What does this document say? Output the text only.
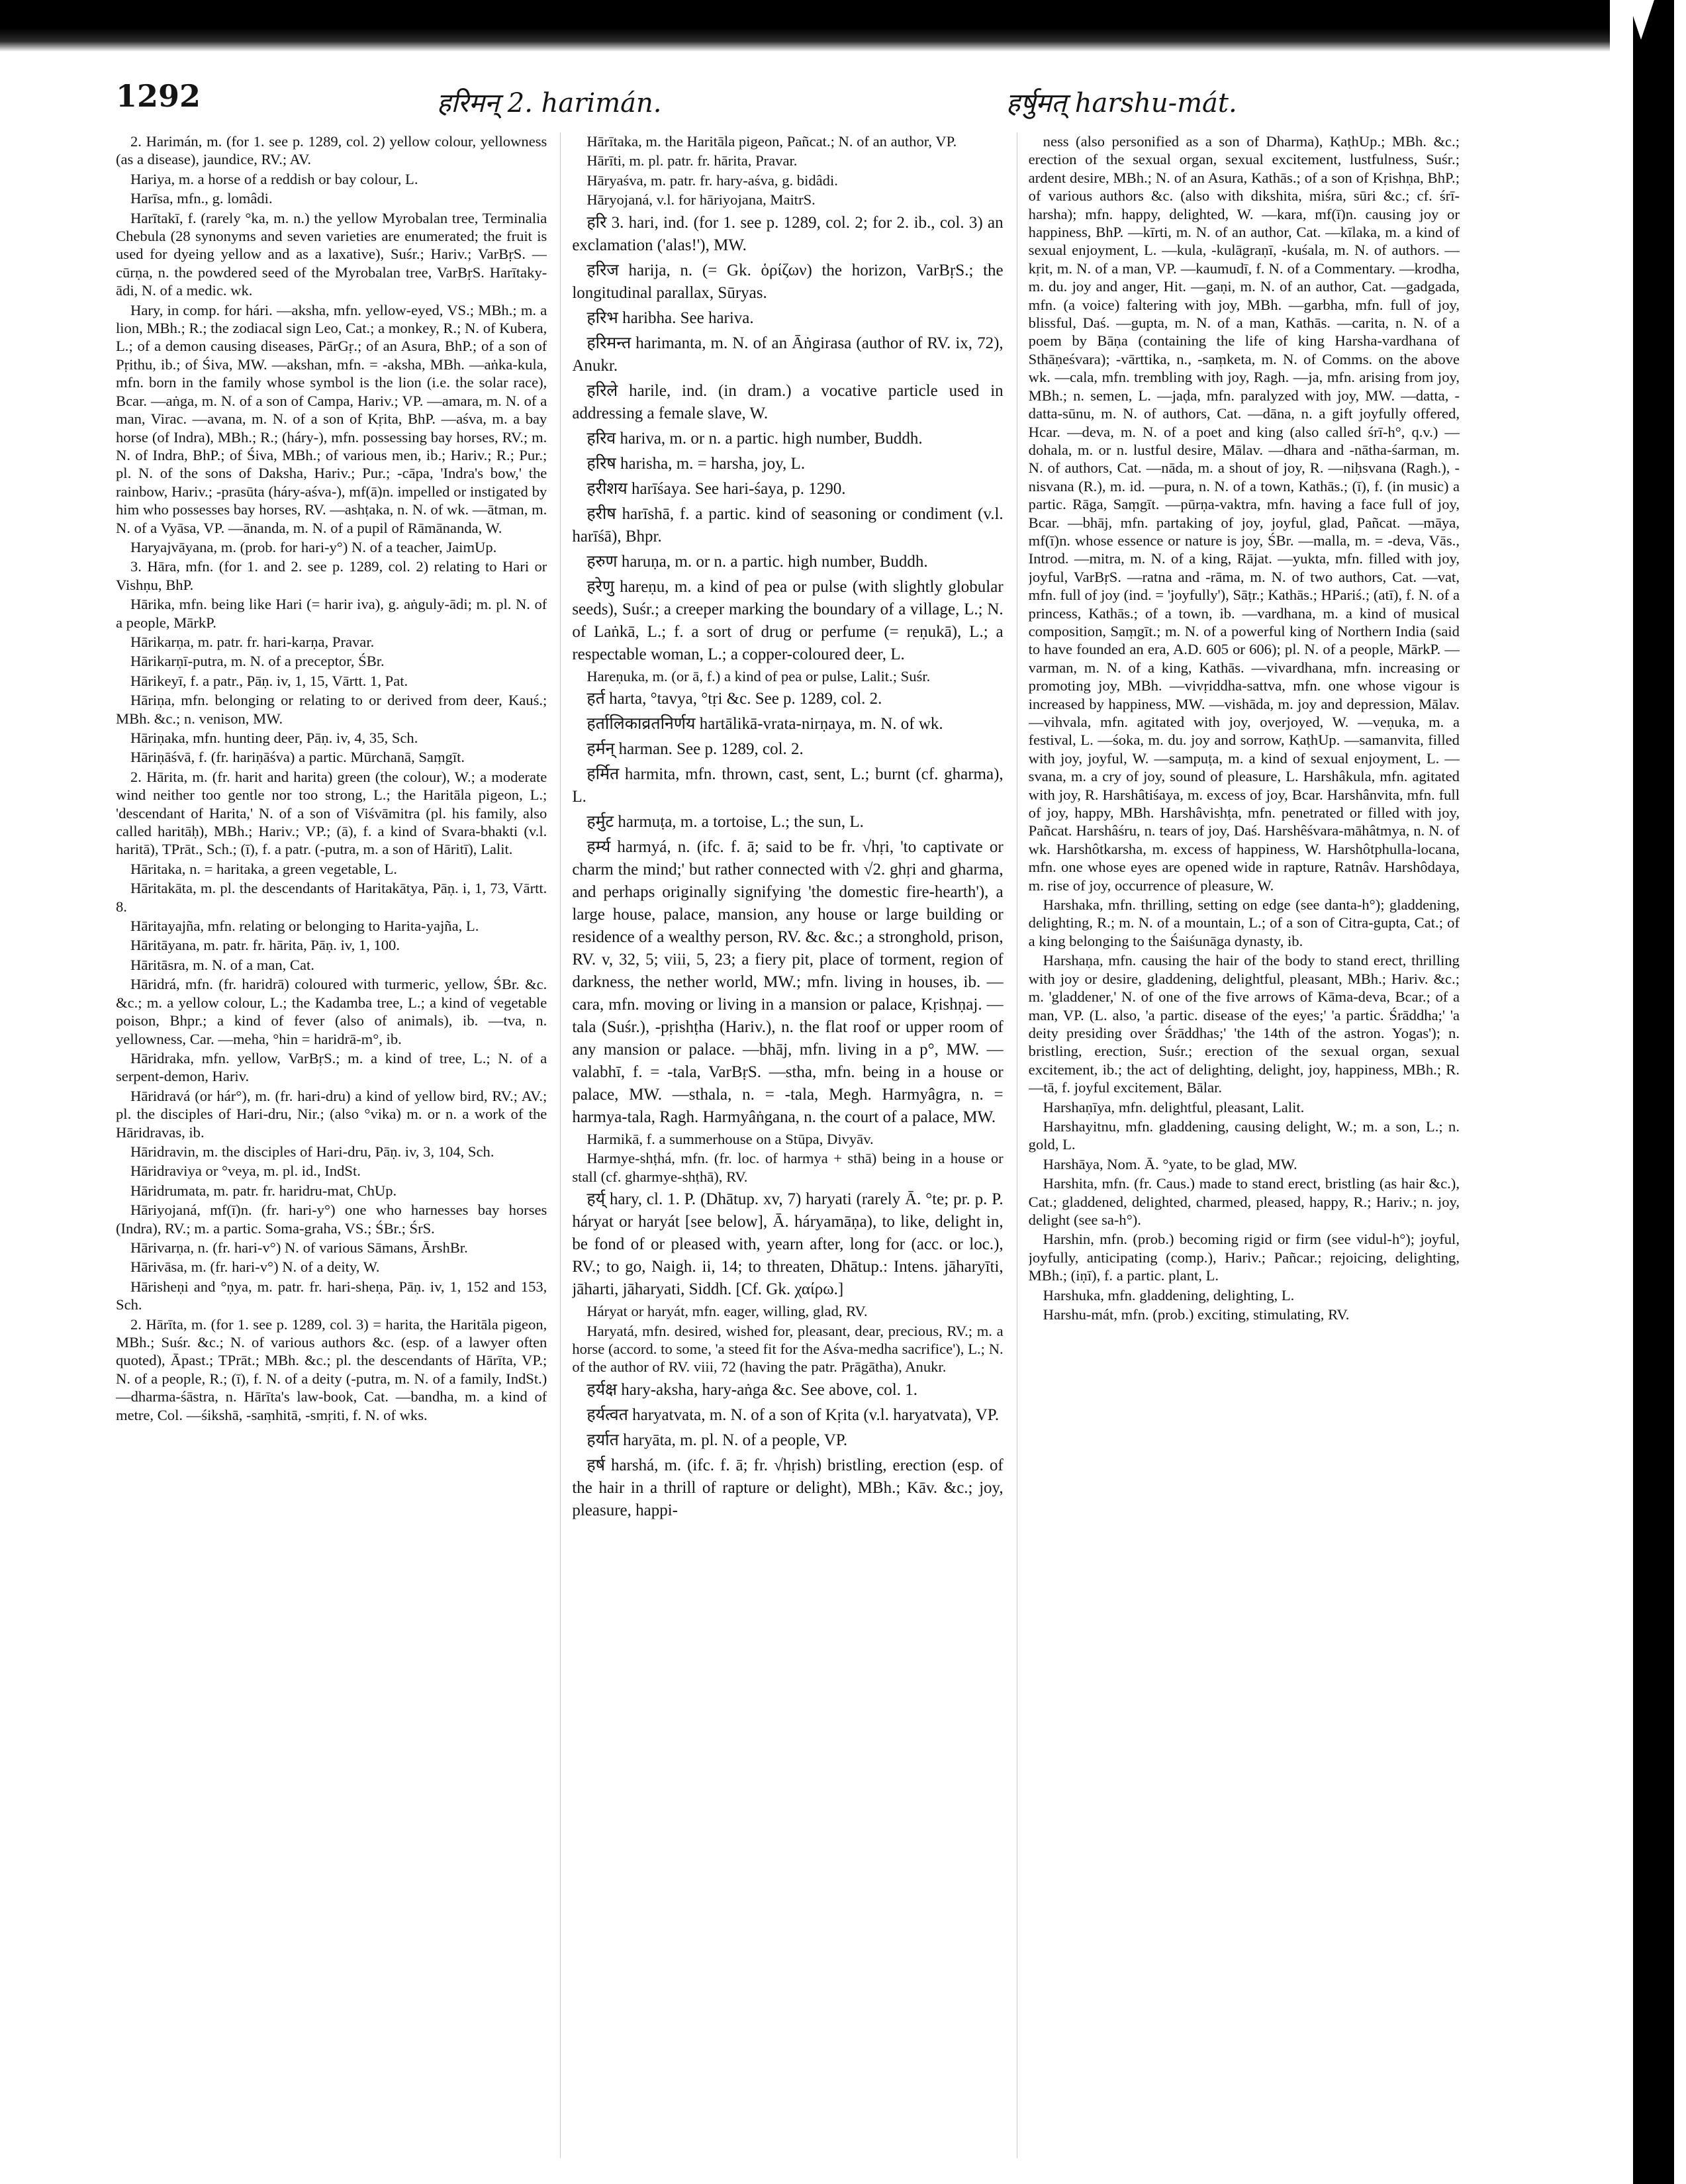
1292	हरिमन् 2. harimán.	हर्षुमत् harshu-mát.

2. Harimán, m. (for 1. see p. 1289, col. 2) yellow colour, yellowness (as a disease), jaundice, RV.; AV.

Hariya, m. a horse of a reddish or bay colour, L.

Harīsa, mfn., g. lomâdi.

Harītakī, f. (rarely °ka, m. n.) the yellow Myrobalan tree, Terminalia Chebula (28 synonyms and seven varieties are enumerated; the fruit is used for dyeing yellow and as a laxative), Suśr.; Hariv.; VarBṛS. —cūrṇa, n. the powdered seed of the Myrobalan tree, VarBṛS. Harītaky-ādi, N. of a medic. wk.

Hary, in comp. for hári. —aksha, mfn. yellow-eyed, VS.; MBh.; m. a lion, MBh.; R.; the zodiacal sign Leo, Cat.; a monkey, R.; N. of Kubera, L.; of a demon causing diseases, PārGṛ.; of an Asura, BhP.; of a son of Pṛithu, ib.; of Śiva, MW. —akshan, mfn. = -aksha, MBh. —aṅka-kula, mfn. born in the family whose symbol is the lion (i.e. the solar race), Bcar. —aṅga, m. N. of a son of Campa, Hariv.; VP. —amara, m. N. of a man, Virac. —avana, m. N. of a son of Kṛita, BhP. —aśva, m. a bay horse (of Indra), MBh.; R.; (háry-), mfn. possessing bay horses, RV.; m. N. of Indra, BhP.; of Śiva, MBh.; of various men, ib.; Hariv.; R.; Pur.; pl. N. of the sons of Daksha, Hariv.; Pur.; -cāpa, 'Indra's bow,' the rainbow, Hariv.; -prasūta (háry-aśva-), mf(ā)n. impelled or instigated by him who possesses bay horses, RV. —ashṭaka, n. N. of wk. —ātman, m. N. of a Vyāsa, VP. —ānanda, m. N. of a pupil of Rāmānanda, W.

Haryajvāyana, m. (prob. for hari-y°) N. of a teacher, JaimUp.

3. Hāra, mfn. (for 1. and 2. see p. 1289, col. 2) relating to Hari or Vishṇu, BhP.

Hārika, mfn. being like Hari (= harir iva), g. aṅguly-ādi; m. pl. N. of a people, MārkP.

Hārikarṇa, m. patr. fr. hari-karṇa, Pravar.

Hārikarṇī-putra, m. N. of a preceptor, ŚBr.

Hārikeyī, f. a patr., Pāṇ. iv, 1, 15, Vārtt. 1, Pat.

Hāriṇa, mfn. belonging or relating to or derived from deer, Kauś.; MBh. &c.; n. venison, MW.

Hāriṇaka, mfn. hunting deer, Pāṇ. iv, 4, 35, Sch.

Hāriṇāśvā, f. (fr. hariṇāśva) a partic. Mūrchanā, Saṃgīt.

2. Hārita, m. (fr. harit and harita) green (the colour), W.; a moderate wind neither too gentle nor too strong, L.; the Haritāla pigeon, L.; 'descendant of Harita,' N. of a son of Viśvāmitra (pl. his family, also called haritāḥ), MBh.; Hariv.; VP.; (ā), f. a kind of Svara-bhakti (v.l. haritā), TPrāt., Sch.; (ī), f. a patr. (-putra, m. a son of Hāritī), Lalit.

Hāritaka, n. = haritaka, a green vegetable, L.

Hāritakāta, m. pl. the descendants of Haritakātya, Pāṇ. i, 1, 73, Vārtt. 8.

Hāritayajña, mfn. relating or belonging to Harita-yajña, L.

Hāritāyana, m. patr. fr. hārita, Pāṇ. iv, 1, 100.

Hāritāsra, m. N. of a man, Cat.

Hāridrá, mfn. (fr. haridrā) coloured with turmeric, yellow, ŚBr. &c. &c.; m. a yellow colour, L.; the Kadamba tree, L.; a kind of vegetable poison, Bhpr.; a kind of fever (also of animals), ib. —tva, n. yellowness, Car. —meha, °hin = haridrā-m°, ib.

Hāridraka, mfn. yellow, VarBṛS.; m. a kind of tree, L.; N. of a serpent-demon, Hariv.

Hāridravá (or hár°), m. (fr. hari-dru) a kind of yellow bird, RV.; AV.; pl. the disciples of Hari-dru, Nir.; (also °vika) m. or n. a work of the Hāridravas, ib.

Hāridravin, m. the disciples of Hari-dru, Pāṇ. iv, 3, 104, Sch.

Hāridraviya or °veya, m. pl. id., IndSt.

Hāridrumata, m. patr. fr. haridru-mat, ChUp.

Hāriyojaná, mf(ī)n. (fr. hari-y°) one who harnesses bay horses (Indra), RV.; m. a partic. Soma-graha, VS.; ŚBr.; ŚrS.

Hārivarṇa, n. (fr. hari-v°) N. of various Sāmans, ĀrshBr.

Hārivāsa, m. (fr. hari-v°) N. of a deity, W.

Hārisheṇi and °ṇya, m. patr. fr. hari-sheṇa, Pāṇ. iv, 1, 152 and 153, Sch.

2. Hārīta, m. (for 1. see p. 1289, col. 3) = harita, the Haritāla pigeon, MBh.; Suśr. &c.; N. of various authors &c. (esp. of a lawyer often quoted), Āpast.; TPrāt.; MBh. &c.; pl. the descendants of Hārīta, VP.; N. of a people, R.; (ī), f. N. of a deity (-putra, m. N. of a family, IndSt.) —dharma-śāstra, n. Hārīta's law-book, Cat. —bandha, m. a kind of metre, Col. —śikshā, -saṃhitā, -smṛiti, f. N. of wks.

Hārītaka, m. the Haritāla pigeon, Pañcat.; N. of an author, VP.

Hārīti, m. pl. patr. fr. hārita, Pravar.

Hāryaśva, m. patr. fr. hary-aśva, g. bidâdi.

Hāryojaná, v.l. for hāriyojana, MaitrS.

हरि 3. hari, ind. (for 1. see p. 1289, col. 2; for 2. ib., col. 3) an exclamation ('alas!'), MW.

हरिज harija, n. (= Gk. ὁρίζων) the horizon, VarBṛS.; the longitudinal parallax, Sūryas.

हरिभ haribha. See hariva.

हरिमन्त harimanta, m. N. of an Āṅgirasa (author of RV. ix, 72), Anukr.

हरिले harile, ind. (in dram.) a vocative particle used in addressing a female slave, W.

हरिव hariva, m. or n. a partic. high number, Buddh.

हरिष harisha, m. = harsha, joy, L.

हरीशय harīśaya. See hari-śaya, p. 1290.

हरीष harīshā, f. a partic. kind of seasoning or condiment (v.l. harīśā), Bhpr.

हरुण haruṇa, m. or n. a partic. high number, Buddh.

हरेणु hareṇu, m. a kind of pea or pulse (with slightly globular seeds), Suśr.; a creeper marking the boundary of a village, L.; N. of Laṅkā, L.; f. a sort of drug or perfume (= reṇukā), L.; a respectable woman, L.; a copper-coloured deer, L.

Hareṇuka, m. (or ā, f.) a kind of pea or pulse, Lalit.; Suśr.

हर्त harta, °tavya, °tṛi &c. See p. 1289, col. 2.

हर्तालिकाव्रतनिर्णय hartālikā-vrata-nirṇaya, m. N. of wk.

हर्मन् harman. See p. 1289, col. 2.

हर्मित harmita, mfn. thrown, cast, sent, L.; burnt (cf. gharma), L.

हर्मुट harmuṭa, m. a tortoise, L.; the sun, L.

हर्म्य harmyá, n. (ifc. f. ā; said to be fr. √hṛi, 'to captivate or charm the mind;' but rather connected with √2. ghṛi and gharma, and perhaps originally signifying 'the domestic fire-hearth'), a large house, palace, mansion, any house or large building or residence of a wealthy person, RV. &c. &c.; a stronghold, prison, RV. v, 32, 5; viii, 5, 23; a fiery pit, place of torment, region of darkness, the nether world, MW.; mfn. living in houses, ib. —cara, mfn. moving or living in a mansion or palace, Kṛishṇaj. —tala (Suśr.), -pṛishṭha (Hariv.), n. the flat roof or upper room of any mansion or palace. —bhāj, mfn. living in a p°, MW. —valabhī, f. = -tala, VarBṛS. —stha, mfn. being in a house or palace, MW. —sthala, n. = -tala, Megh. Harmyâgra, n. = harmya-tala, Ragh. Harmyâṅgana, n. the court of a palace, MW.

Harmikā, f. a summerhouse on a Stūpa, Divyāv.

Harmye-shṭhá, mfn. (fr. loc. of harmya + sthā) being in a house or stall (cf. gharmye-shṭhā), RV.

हर्य् hary, cl. 1. P. (Dhātup. xv, 7) haryati (rarely Ā. °te; pr. p. P. háryat or haryát [see below], Ā. háryamāṇa), to like, delight in, be fond of or pleased with, yearn after, long for (acc. or loc.), RV.; to go, Naigh. ii, 14; to threaten, Dhātup.: Intens. jāharyīti, jāharti, jāharyati, Siddh. [Cf. Gk. χαίρω.]

Háryat or haryát, mfn. eager, willing, glad, RV.

Haryatá, mfn. desired, wished for, pleasant, dear, precious, RV.; m. a horse (accord. to some, 'a steed fit for the Aśva-medha sacrifice'), L.; N. of the author of RV. viii, 72 (having the patr. Prāgātha), Anukr.

हर्यक्ष hary-aksha, hary-aṅga &c. See above, col. 1.

हर्यत्वत haryatvata, m. N. of a son of Kṛita (v.l. haryatvata), VP.

हर्यात haryāta, m. pl. N. of a people, VP.

हर्ष harshá, m. (ifc. f. ā; fr. √hṛish) bristling, erection (esp. of the hair in a thrill of rapture or delight), MBh.; Kāv. &c.; joy, pleasure, happi-

ness (also personified as a son of Dharma), KaṭhUp.; MBh. &c.; erection of the sexual organ, sexual excitement, lustfulness, Suśr.; ardent desire, MBh.; N. of an Asura, Kathās.; of a son of Kṛishṇa, BhP.; of various authors &c. (also with dikshita, miśra, sūri &c.; cf. śrī-harsha); mfn. happy, delighted, W. —kara, mf(ī)n. causing joy or happiness, BhP. —kīrti, m. N. of an author, Cat. —kīlaka, m. a kind of sexual enjoyment, L. —kula, -kulāgraṇī, -kuśala, m. N. of authors. —kṛit, m. N. of a man, VP. —kaumudī, f. N. of a Commentary. —krodha, m. du. joy and anger, Hit. —gaṇi, m. N. of an author, Cat. —gadgada, mfn. (a voice) faltering with joy, MBh. —garbha, mfn. full of joy, blissful, Daś. —gupta, m. N. of a man, Kathās. —carita, n. N. of a poem by Bāṇa (containing the life of king Harsha-vardhana of Sthāṇeśvara); -vārttika, n., -saṃketa, m. N. of Comms. on the above wk. —cala, mfn. trembling with joy, Ragh. —ja, mfn. arising from joy, MBh.; n. semen, L. —jaḍa, mfn. paralyzed with joy, MW. —datta, -datta-sūnu, m. N. of authors, Cat. —dāna, n. a gift joyfully offered, Hcar. —deva, m. N. of a poet and king (also called śrī-h°, q.v.) —dohala, m. or n. lustful desire, Mālav. —dhara and -nātha-śarman, m. N. of authors, Cat. —nāda, m. a shout of joy, R. —niḥsvana (Ragh.), -nisvana (R.), m. id. —pura, n. N. of a town, Kathās.; (ī), f. (in music) a partic. Rāga, Saṃgīt. —pūrṇa-vaktra, mfn. having a face full of joy, Bcar. —bhāj, mfn. partaking of joy, joyful, glad, Pañcat. —māya, mf(ī)n. whose essence or nature is joy, ŚBr. —malla, m. = -deva, Vās., Introd. —mitra, m. N. of a king, Rājat. —yukta, mfn. filled with joy, joyful, VarBṛS. —ratna and -rāma, m. N. of two authors, Cat. —vat, mfn. full of joy (ind. = 'joyfully'), Sāṭr.; Kathās.; HPariś.; (atī), f. N. of a princess, Kathās.; of a town, ib. —vardhana, m. a kind of musical composition, Saṃgīt.; m. N. of a powerful king of Northern India (said to have founded an era, A.D. 605 or 606); pl. N. of a people, MārkP. —varman, m. N. of a king, Kathās. —vivardhana, mfn. increasing or promoting joy, MBh. —vivṛiddha-sattva, mfn. one whose vigour is increased by happiness, MW. —vishāda, m. joy and depression, Mālav. —vihvala, mfn. agitated with joy, overjoyed, W. —veṇuka, m. a festival, L. —śoka, m. du. joy and sorrow, KaṭhUp. —samanvita, filled with joy, joyful, W. —sampuṭa, m. a kind of sexual enjoyment, L. —svana, m. a cry of joy, sound of pleasure, L. Harshâkula, mfn. agitated with joy, R. Harshâtiśaya, m. excess of joy, Bcar. Harshânvita, mfn. full of joy, happy, MBh. Harshâvishṭa, mfn. penetrated or filled with joy, Pañcat. Harshâśru, n. tears of joy, Daś. Harshêśvara-māhâtmya, n. N. of wk. Harshôtkarsha, m. excess of happiness, W. Harshôtphulla-locana, mfn. one whose eyes are opened wide in rapture, Ratnâv. Harshôdaya, m. rise of joy, occurrence of pleasure, W.

Harshaka, mfn. thrilling, setting on edge (see danta-h°); gladdening, delighting, R.; m. N. of a mountain, L.; of a son of Citra-gupta, Cat.; of a king belonging to the Śaiśunāga dynasty, ib.

Harshaṇa, mfn. causing the hair of the body to stand erect, thrilling with joy or desire, gladdening, delightful, pleasant, MBh.; Hariv. &c.; m. 'gladdener,' N. of one of the five arrows of Kāma-deva, Bcar.; of a man, VP. (L. also, 'a partic. disease of the eyes;' 'a partic. Śrāddha;' 'a deity presiding over Śrāddhas;' 'the 14th of the astron. Yogas'); n. bristling, erection, Suśr.; erection of the sexual organ, sexual excitement, ib.; the act of delighting, delight, joy, happiness, MBh.; R. —tā, f. joyful excitement, Bālar.

Harshaṇīya, mfn. delightful, pleasant, Lalit.

Harshayitnu, mfn. gladdening, causing delight, W.; m. a son, L.; n. gold, L.

Harshāya, Nom. Ā. °yate, to be glad, MW.

Harshita, mfn. (fr. Caus.) made to stand erect, bristling (as hair &c.), Cat.; gladdened, delighted, charmed, pleased, happy, R.; Hariv.; n. joy, delight (see sa-h°).

Harshin, mfn. (prob.) becoming rigid or firm (see vidul-h°); joyful, joyfully, anticipating (comp.), Hariv.; Pañcar.; rejoicing, delighting, MBh.; (iṇī), f. a partic. plant, L.

Harshuka, mfn. gladdening, delighting, L.

Harshu-mát, mfn. (prob.) exciting, stimulating, RV.
